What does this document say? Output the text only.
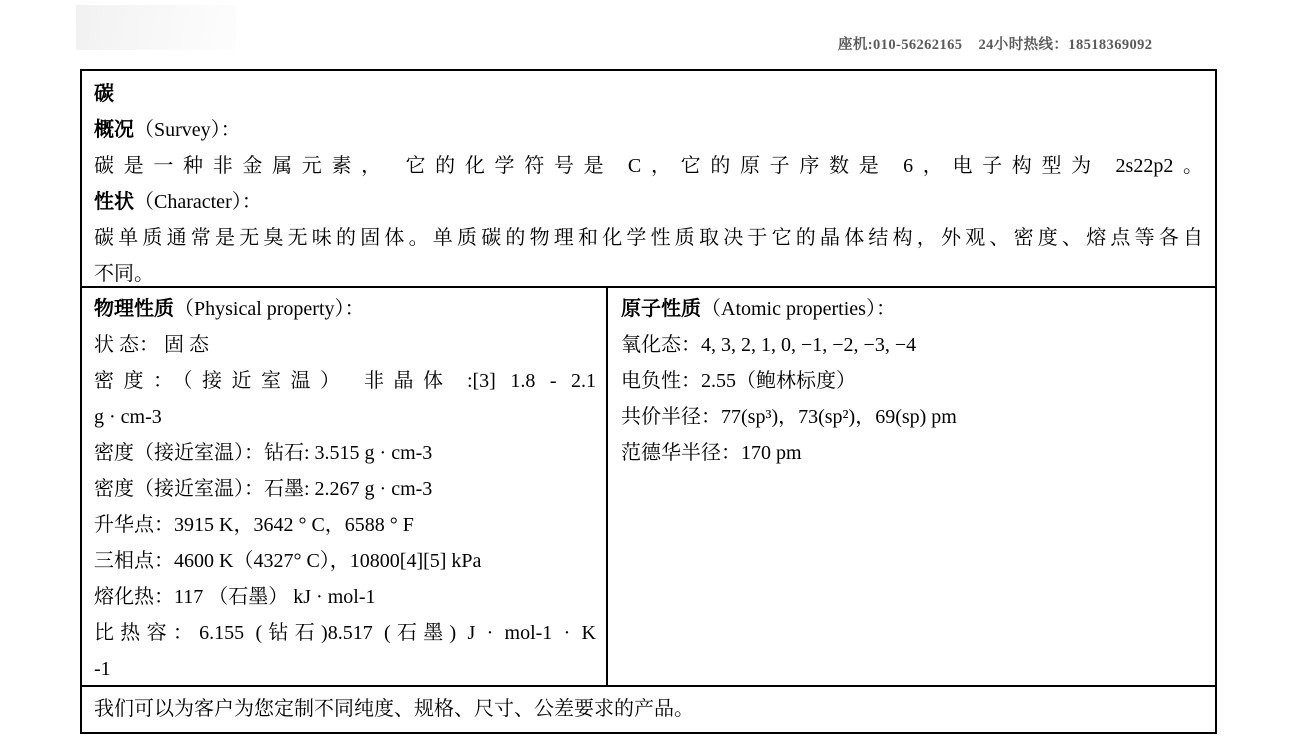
座机:010-56262165    24小时热线：18518369092
碳
概况（Survey）：
碳是一种非金属元素， 它的化学符号是 C，它的原子序数是 6，电子构型为 2s22p2。
性状（Character）：
碳单质通常是无臭无味的固体。单质碳的物理和化学性质取决于它的晶体结构，外观、密度、熔点等各自
不同。
物理性质（Physical property）：
状 态： 固 态
密度：（接近室温） 非晶体 :[3] 1.8 - 2.1
g · cm-3
密度（接近室温）：钻石: 3.515 g · cm-3
密度（接近室温）：石墨: 2.267 g · cm-3
升华点：3915 K，3642 ° C，6588 ° F
三相点：4600 K（4327° C），10800[4][5] kPa
熔化热：117 （石墨） kJ · mol-1
比热容：6.155 (钻石)8.517 (石墨) J · mol-1 · K
-1
原子性质（Atomic properties）：
氧化态：4, 3, 2, 1, 0, −1, −2, −3, −4
电负性：2.55（鲍林标度）
共价半径：77(sp³)，73(sp²)，69(sp) pm
范德华半径：170 pm
我们可以为客户为您定制不同纯度、规格、尺寸、公差要求的产品。
